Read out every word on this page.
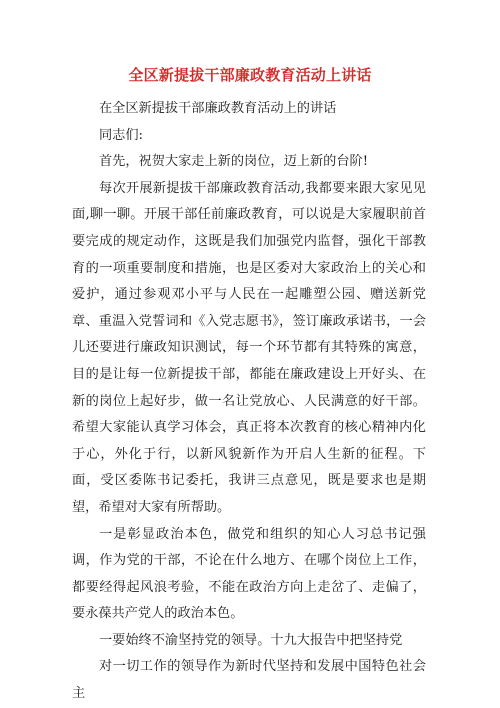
全区新提拔干部廉政教育活动上讲话

在全区新提拔干部廉政教育活动上的讲话

同志们:

首先，祝贺大家走上新的岗位，迈上新的台阶!

每次开展新提拔干部廉政教育活动,我都要来跟大家见见面,聊一聊。开展干部任前廉政教育，可以说是大家履职前首要完成的规定动作，这既是我们加强党内监督，强化干部教育的一项重要制度和措施，也是区委对大家政治上的关心和爱护，通过参观邓小平与人民在一起雕塑公园、赠送新党章、重温入党誓词和《入党志愿书》，签订廉政承诺书，一会儿还要进行廉政知识测试，每一个环节都有其特殊的寓意，目的是让每一位新提拔干部，都能在廉政建设上开好头、在新的岗位上起好步，做一名让党放心、人民满意的好干部。希望大家能认真学习体会，真正将本次教育的核心精神内化于心，外化于行，以新风貌新作为开启人生新的征程。下面，受区委陈书记委托，我讲三点意见，既是要求也是期望，希望对大家有所帮助。

一是彰显政治本色，做党和组织的知心人习总书记强调，作为党的干部，不论在什么地方、在哪个岗位上工作，都要经得起风浪考验，不能在政治方向上走岔了、走偏了，要永葆共产党人的政治本色。

一要始终不渝坚持党的领导。十九大报告中把坚持党

对一切工作的领导作为新时代坚持和发展中国特色社会主
